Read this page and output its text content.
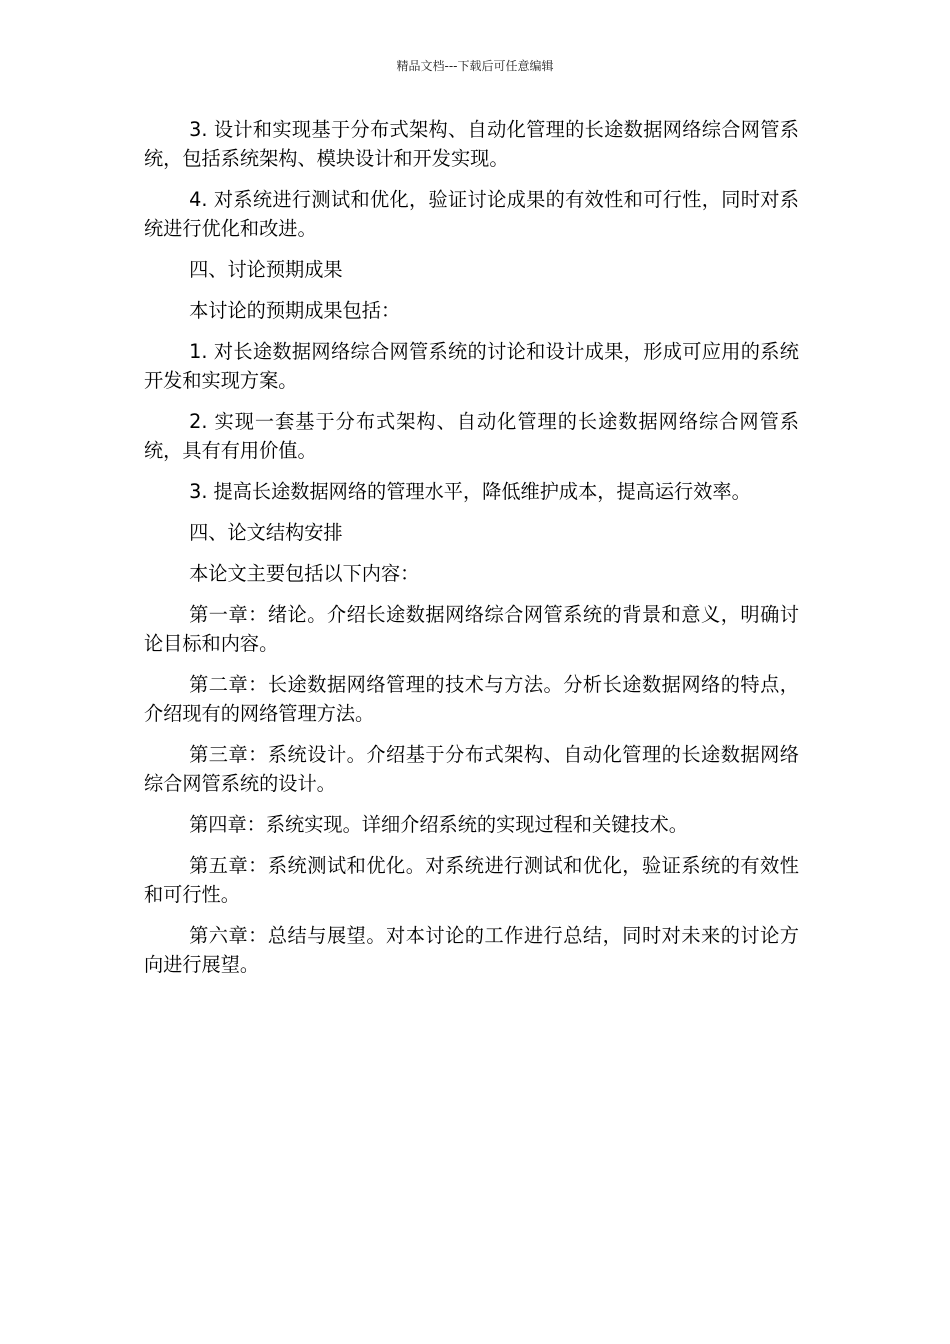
精品文档---下载后可任意编辑

3. 设计和实现基于分布式架构、自动化管理的长途数据网络综合网管系统，包括系统架构、模块设计和开发实现。

4. 对系统进行测试和优化，验证讨论成果的有效性和可行性，同时对系统进行优化和改进。

四、讨论预期成果

本讨论的预期成果包括：

1. 对长途数据网络综合网管系统的讨论和设计成果，形成可应用的系统开发和实现方案。

2. 实现一套基于分布式架构、自动化管理的长途数据网络综合网管系统，具有有用价值。

3. 提高长途数据网络的管理水平，降低维护成本，提高运行效率。

四、论文结构安排

本论文主要包括以下内容：

第一章：绪论。介绍长途数据网络综合网管系统的背景和意义，明确讨论目标和内容。

第二章：长途数据网络管理的技术与方法。分析长途数据网络的特点，介绍现有的网络管理方法。

第三章：系统设计。介绍基于分布式架构、自动化管理的长途数据网络综合网管系统的设计。

第四章：系统实现。详细介绍系统的实现过程和关键技术。

第五章：系统测试和优化。对系统进行测试和优化，验证系统的有效性和可行性。

第六章：总结与展望。对本讨论的工作进行总结，同时对未来的讨论方向进行展望。
